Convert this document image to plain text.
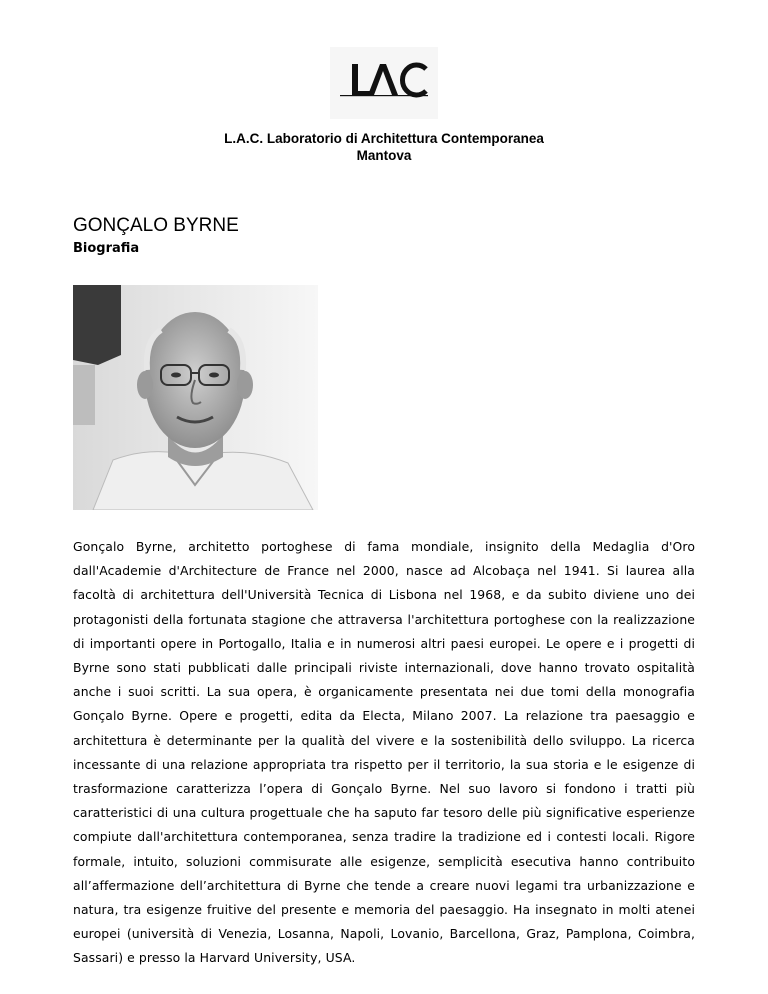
L.A.C. Laboratorio di Architettura Contemporanea
Mantova
GONÇALO BYRNE
Biografia
Gonçalo Byrne, architetto portoghese di fama mondiale, insignito della Medaglia d'Oro dall'Academie d'Architecture de France nel 2000, nasce ad Alcobaça nel 1941. Si laurea alla facoltà di architettura dell'Università Tecnica di Lisbona nel 1968, e da subito diviene uno dei protagonisti della fortunata stagione che attraversa l'architettura portoghese con la realizzazione di importanti opere in Portogallo, Italia e in numerosi altri paesi europei. Le opere e i progetti di Byrne sono stati pubblicati dalle principali riviste internazionali, dove hanno trovato ospitalità anche i suoi scritti. La sua opera, è organicamente presentata nei due tomi della monografia Gonçalo Byrne. Opere e progetti, edita da Electa, Milano 2007. La relazione tra paesaggio e architettura è determinante per la qualità del vivere e la sostenibilità dello sviluppo. La ricerca incessante di una relazione appropriata tra rispetto per il territorio, la sua storia e le esigenze di trasformazione caratterizza l’opera di Gonçalo Byrne. Nel suo lavoro si fondono i tratti più caratteristici di una cultura progettuale che ha saputo far tesoro delle più significative esperienze compiute dall'architettura contemporanea, senza tradire la tradizione ed i contesti locali. Rigore formale, intuito, soluzioni commisurate alle esigenze, semplicità esecutiva hanno contribuito all’affermazione dell’architettura di Byrne che tende a creare nuovi legami tra urbanizzazione e natura, tra esigenze fruitive del presente e memoria del paesaggio. Ha insegnato in molti atenei europei (università di Venezia, Losanna, Napoli, Lovanio, Barcellona, Graz, Pamplona, Coimbra, Sassari) e presso la Harvard University, USA.
